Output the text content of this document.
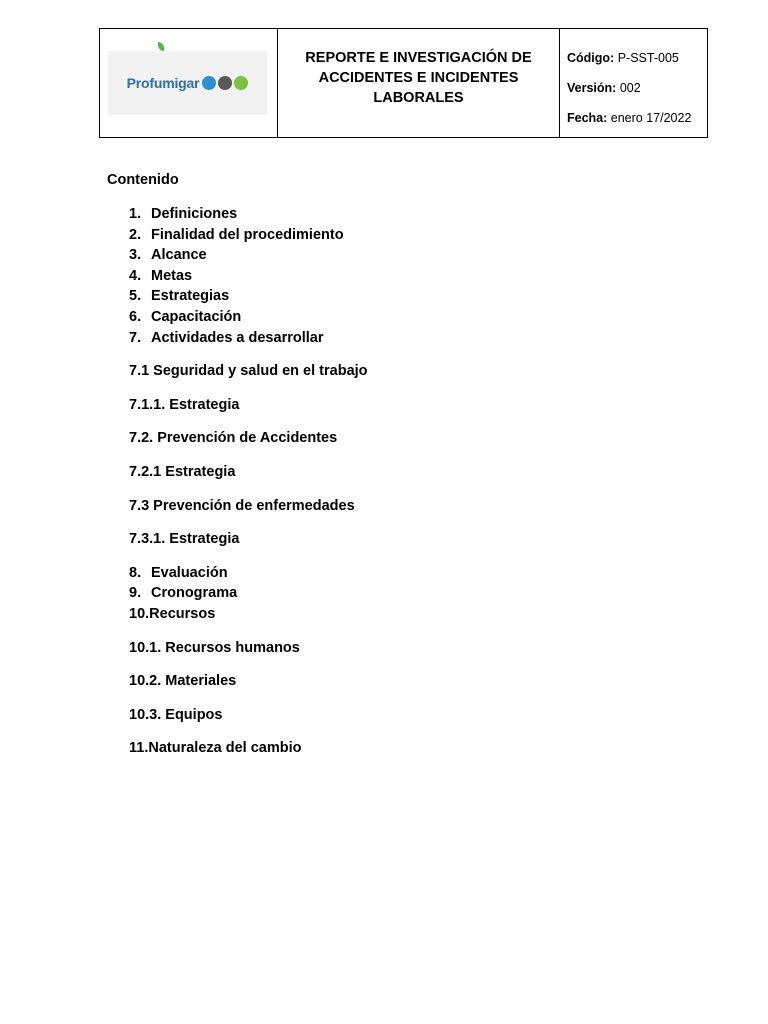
Profumigar

REPORTE E INVESTIGACIÓN DE
ACCIDENTES E INCIDENTES
LABORALES

Código: P-SST-005
Versión: 002
Fecha: enero 17/2022
Contenido
1. Definiciones
2. Finalidad del procedimiento
3. Alcance
4. Metas
5. Estrategias
6. Capacitación
7. Actividades a desarrollar
7.1 Seguridad y salud en el trabajo
7.1.1. Estrategia
7.2. Prevención de Accidentes
7.2.1 Estrategia
7.3 Prevención de enfermedades
7.3.1. Estrategia
8. Evaluación
9. Cronograma
10.Recursos
10.1. Recursos humanos
10.2. Materiales
10.3. Equipos
11.Naturaleza del cambio
